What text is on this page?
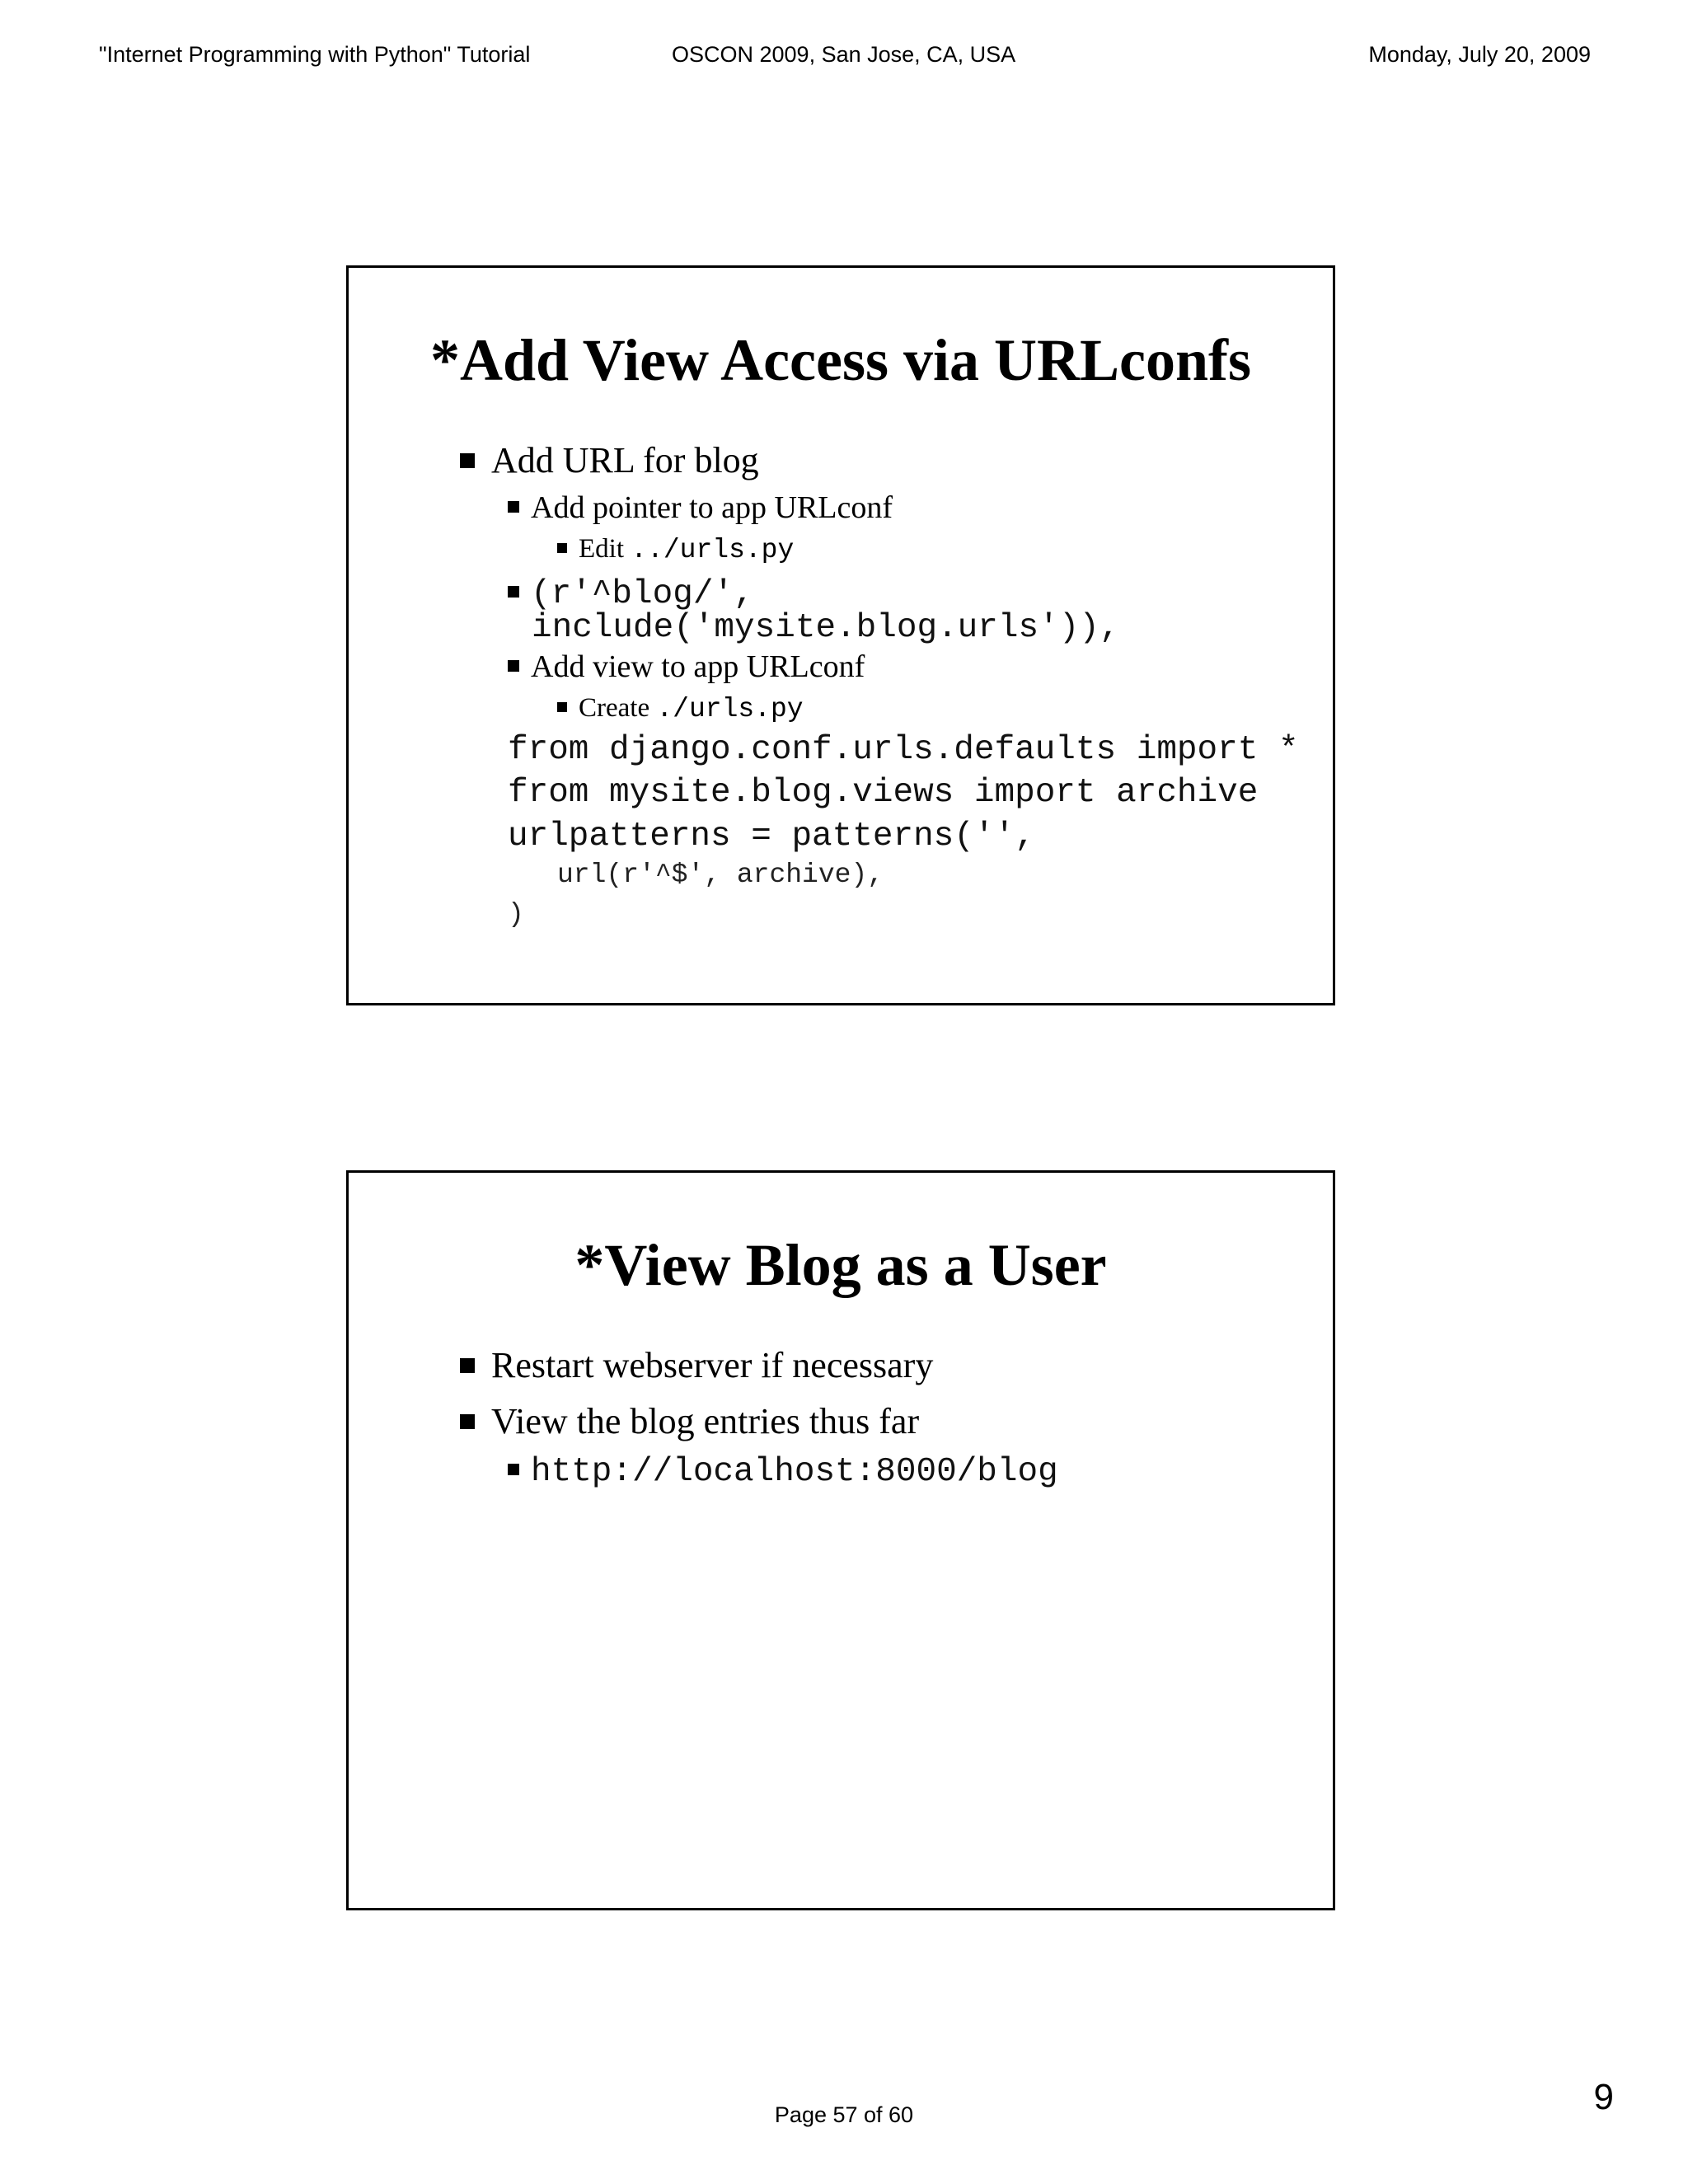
"Internet Programming with Python" Tutorial	OSCON 2009, San Jose, CA, USA	Monday, July 20, 2009
*Add View Access via URLconfs
Add URL for blog
Add pointer to app URLconf
Edit ../urls.py
(r'^blog/',
include('mysite.blog.urls')),
Add view to app URLconf
Create ./urls.py
from django.conf.urls.defaults import *
from mysite.blog.views import archive
urlpatterns = patterns('',
url(r'^$', archive),
)
*View Blog as a User
Restart webserver if necessary
View the blog entries thus far
http://localhost:8000/blog
Page 57 of 60	9
